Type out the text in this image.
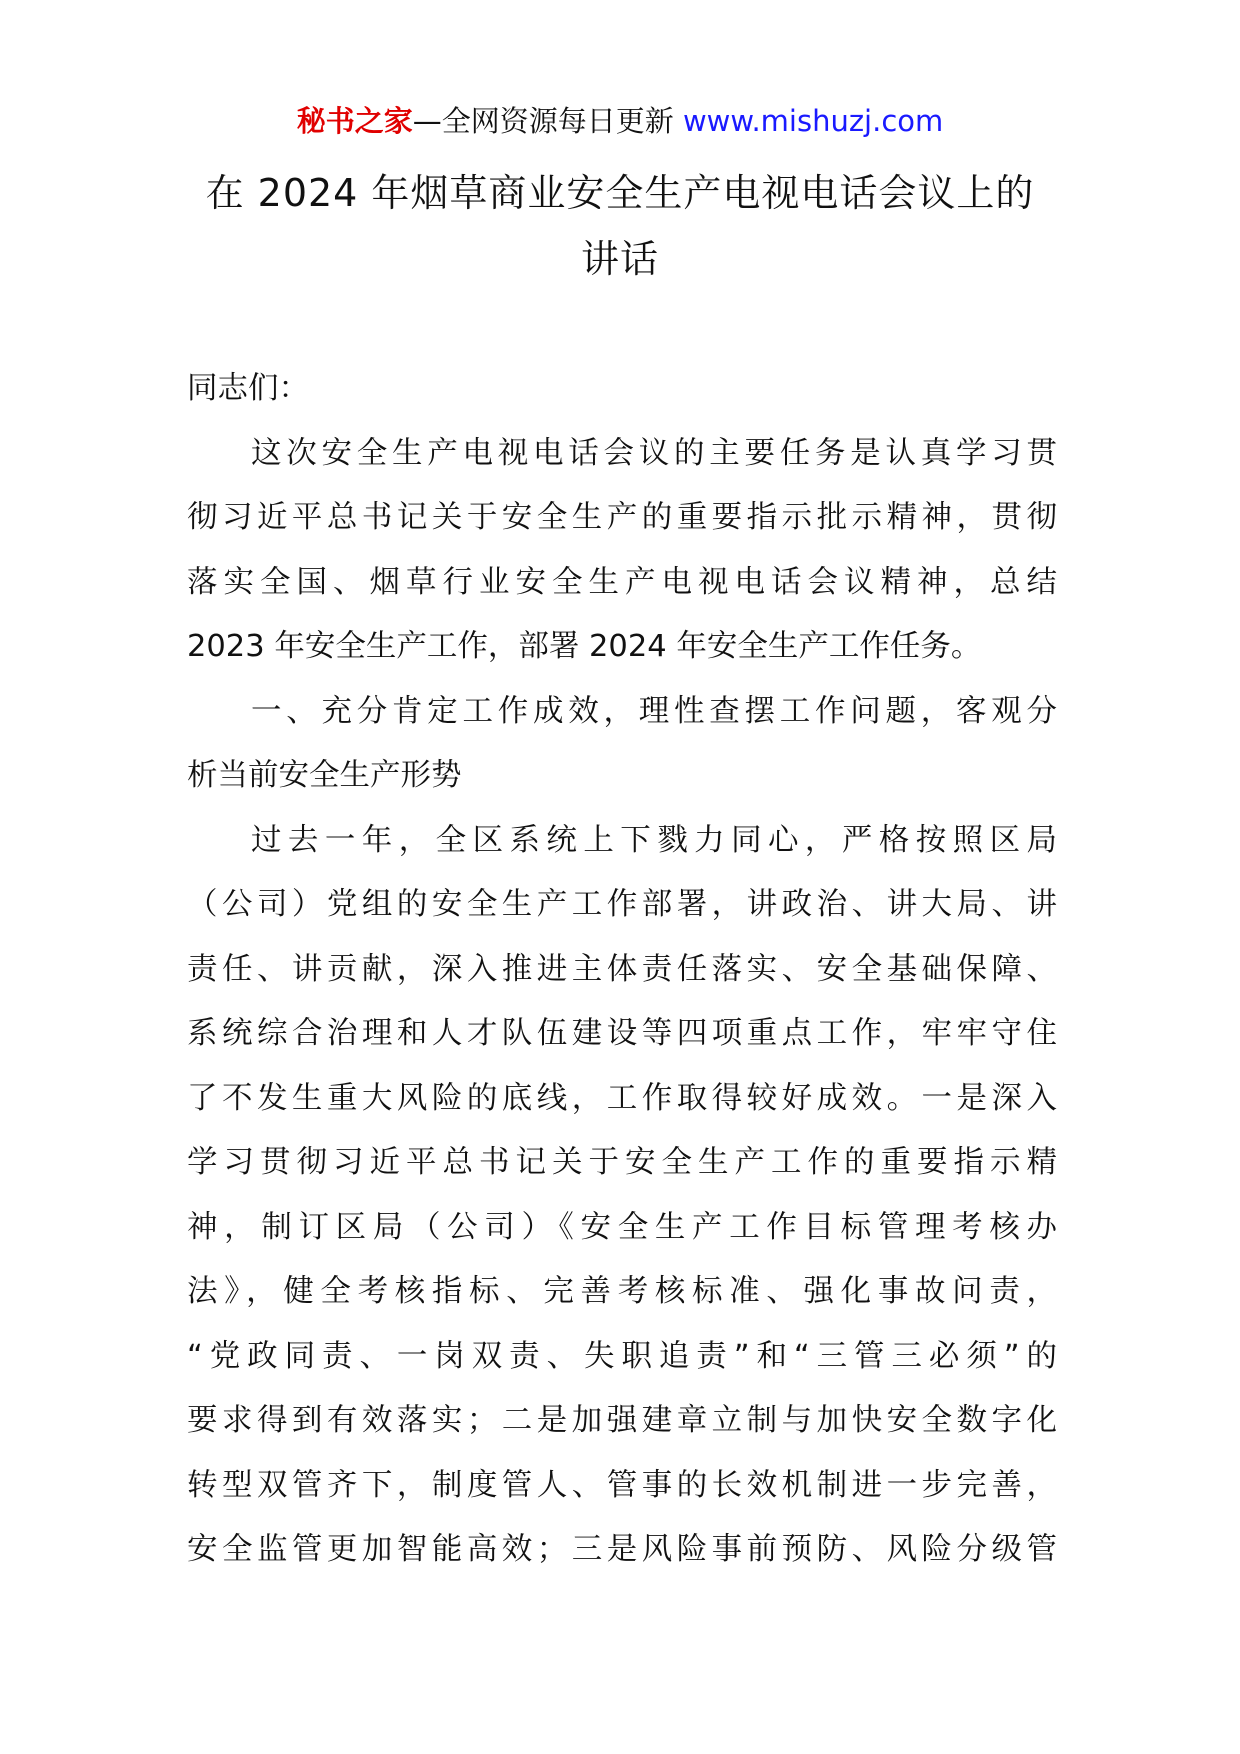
秘书之家—全网资源每日更新 www.mishuzj.com
在 2024 年烟草商业安全生产电视电话会议上的
讲话
同志们：
这次安全生产电视电话会议的主要任务是认真学习贯
彻习近平总书记关于安全生产的重要指示批示精神，贯彻
落实全国、烟草行业安全生产电视电话会议精神，总结
2023 年安全生产工作，部署 2024 年安全生产工作任务。
一、充分肯定工作成效，理性查摆工作问题，客观分
析当前安全生产形势
过去一年，全区系统上下戮力同心，严格按照区局
（公司）党组的安全生产工作部署，讲政治、讲大局、讲
责任、讲贡献，深入推进主体责任落实、安全基础保障、
系统综合治理和人才队伍建设等四项重点工作，牢牢守住
了不发生重大风险的底线，工作取得较好成效。一是深入
学习贯彻习近平总书记关于安全生产工作的重要指示精
神，制订区局（公司）《安全生产工作目标管理考核办
法》，健全考核指标、完善考核标准、强化事故问责，
“党政同责、一岗双责、失职追责”和“三管三必须”的
要求得到有效落实；二是加强建章立制与加快安全数字化
转型双管齐下，制度管人、管事的长效机制进一步完善，
安全监管更加智能高效；三是风险事前预防、风险分级管
